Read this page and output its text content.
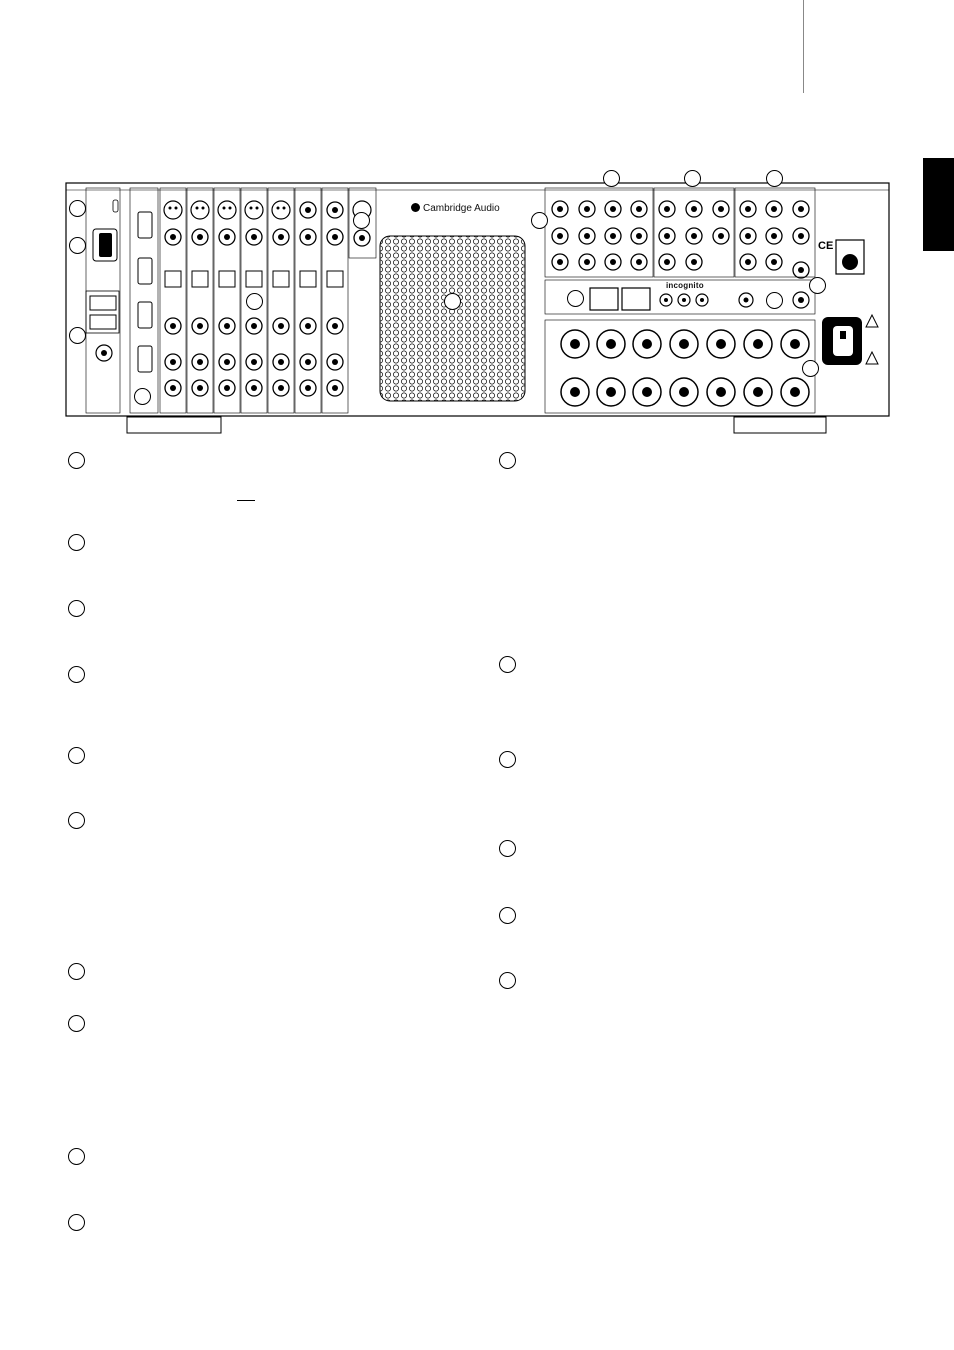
Cambridge Audio
incognito
CE
